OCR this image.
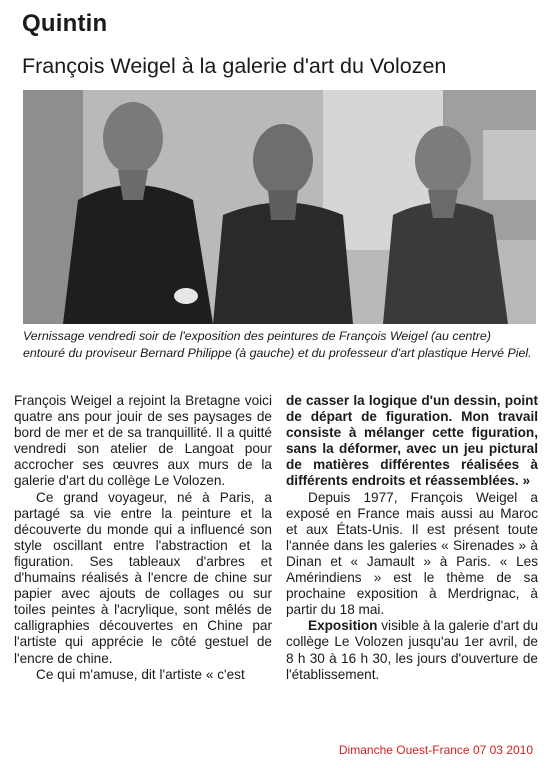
Quintin
François Weigel à la galerie d'art du Volozen

Vernissage vendredi soir de l'exposition des peintures de François Weigel (au centre) entouré du proviseur Bernard Philippe (à gauche) et du professeur d'art plastique Hervé Piel.

François Weigel a rejoint la Bretagne voici quatre ans pour jouir de ses paysages de bord de mer et de sa tranquillité. Il a quitté vendredi son atelier de Langoat pour accrocher ses œuvres aux murs de la galerie d'art du collège Le Volozen.

Ce grand voyageur, né à Paris, a partagé sa vie entre la peinture et la découverte du monde qui a influencé son style oscillant entre l'abstraction et la figuration. Ses tableaux d'arbres et d'humains réalisés à l'encre de chine sur papier avec ajouts de collages ou sur toiles peintes à l'acrylique, sont mêlés de calligraphies découvertes en Chine par l'artiste qui apprécie le côté gestuel de l'encre de chine.

Ce qui m'amuse, dit l'artiste « c'est

de casser la logique d'un dessin, point de départ de figuration. Mon travail consiste à mélanger cette figuration, sans la déformer, avec un jeu pictural de matières différentes réalisées à différents endroits et réassemblées. »

Depuis 1977, François Weigel a exposé en France mais aussi au Maroc et aux États-Unis. Il est présent toute l'année dans les galeries « Sirenades » à Dinan et « Jamault » à Paris. « Les Amérindiens » est le thème de sa prochaine exposition à Merdrignac, à partir du 18 mai.

Exposition visible à la galerie d'art du collège Le Volozen jusqu'au 1er avril, de 8 h 30 à 16 h 30, les jours d'ouverture de l'établissement.

Dimanche Ouest-France 07 03 2010
